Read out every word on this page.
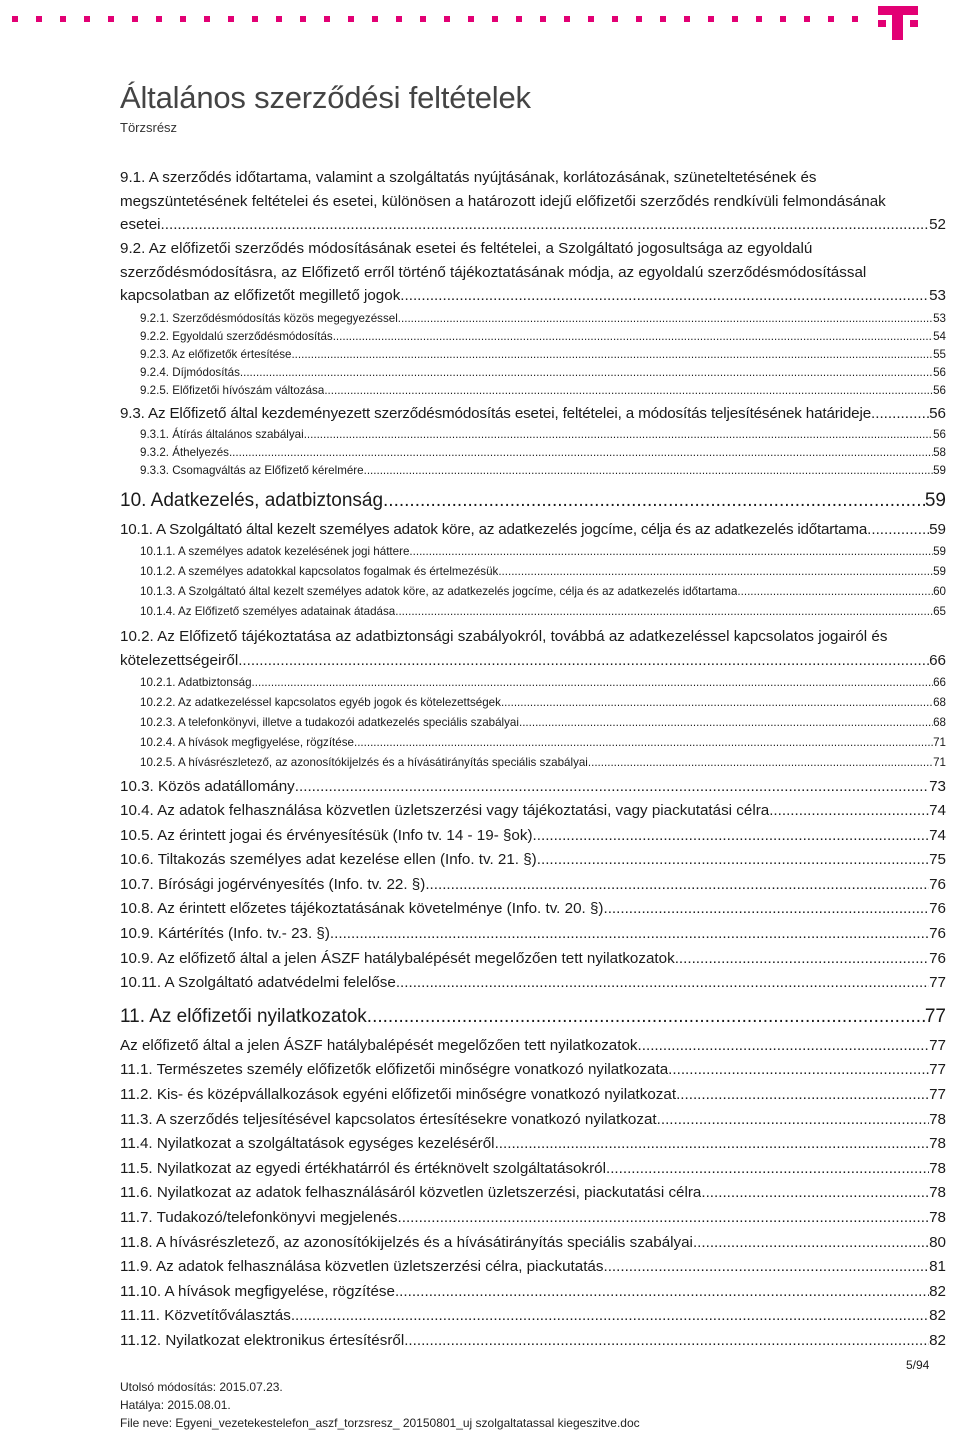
Általános szerződési feltételek
Törzsrész
9.1. A szerződés időtartama, valamint a szolgáltatás nyújtásának, korlátozásának, szüneteltetésének és
megszüntetésének feltételei és esetei, különösen a határozott idejű előfizetői szerződés rendkívüli felmondásának
esetei .....	52
9.2. Az előfizetői szerződés módosításának esetei és feltételei, a Szolgáltató jogosultsága az egyoldalú
szerződésmódosításra, az Előfizető erről történő tájékoztatásának módja, az egyoldalú szerződésmódosítással
kapcsolatban az előfizetőt megillető jogok .....	53
9.2.1. Szerződésmódosítás közös megegyezéssel .....	53
9.2.2. Egyoldalú szerződésmódosítás .....	54
9.2.3. Az előfizetők értesítése .....	55
9.2.4. Díjmódosítás .....	56
9.2.5. Előfizetői hívószám változása .....	56
9.3. Az Előfizető által kezdeményezett szerződésmódosítás esetei, feltételei, a módosítás teljesítésének határideje .....	56
9.3.1. Átírás általános szabályai .....	56
9.3.2. Áthelyezés .....	58
9.3.3. Csomagváltás az Előfizető kérelmére .....	59
10. Adatkezelés, adatbiztonság .....	59
10.1. A Szolgáltató által kezelt személyes adatok köre, az adatkezelés jogcíme, célja és az adatkezelés időtartama .....	59
10.1.1. A személyes adatok kezelésének jogi háttere .....	59
10.1.2. A személyes adatokkal kapcsolatos fogalmak és értelmezésük .....	59
10.1.3. A Szolgáltató által kezelt személyes adatok köre, az adatkezelés jogcíme, célja és az adatkezelés időtartama .....	60
10.1.4. Az Előfizető személyes adatainak átadása .....	65
10.2. Az Előfizető tájékoztatása az adatbiztonsági szabályokról, továbbá az adatkezeléssel kapcsolatos jogairól és
kötelezettségeiről .....	66
10.2.1. Adatbiztonság .....	66
10.2.2. Az adatkezeléssel kapcsolatos egyéb jogok és kötelezettségek .....	68
10.2.3. A telefonkönyvi, illetve a tudakozói adatkezelés speciális szabályai .....	68
10.2.4. A hívások megfigyelése, rögzítése .....	71
10.2.5. A hívásrészletező, az azonosítókijelzés és a hívásátirányítás speciális szabályai .....	71
10.3. Közös adatállomány .....	73
10.4. Az adatok felhasználása közvetlen üzletszerzési vagy tájékoztatási, vagy piackutatási célra .....	74
10.5. Az érintett jogai és érvényesítésük (Info tv. 14 - 19- §ok) .....	74
10.6. Tiltakozás személyes adat kezelése ellen (Info. tv. 21. §) .....	75
10.7. Bírósági jogérvényesítés (Info. tv. 22. §) .....	76
10.8. Az érintett előzetes tájékoztatásának követelménye (Info. tv. 20. §) .....	76
10.9. Kártérítés (Info. tv.- 23. §) .....	76
10.9. Az előfizető által a jelen ÁSZF hatálybalépését megelőzően tett nyilatkozatok .....	76
10.11. A Szolgáltató adatvédelmi felelőse .....	77
11. Az előfizetői nyilatkozatok .....	77
Az előfizető által a jelen ÁSZF hatálybalépését megelőzően tett nyilatkozatok .....	77
11.1. Természetes személy előfizetők előfizetői minőségre vonatkozó nyilatkozata .....	77
11.2. Kis- és középvállalkozások egyéni előfizetői minőségre vonatkozó nyilatkozat .....	77
11.3. A szerződés teljesítésével kapcsolatos értesítésekre vonatkozó nyilatkozat .....	78
11.4. Nyilatkozat a szolgáltatások egységes kezeléséről .....	78
11.5. Nyilatkozat az egyedi értékhatárról és értéknövelt szolgáltatásokról .....	78
11.6. Nyilatkozat az adatok felhasználásáról közvetlen üzletszerzési, piackutatási célra .....	78
11.7. Tudakozó/telefonkönyvi megjelenés .....	78
11.8. A hívásrészletező, az azonosítókijelzés és a hívásátirányítás speciális szabályai .....	80
11.9. Az adatok felhasználása közvetlen üzletszerzési célra, piackutatás .....	81
11.10. A hívások megfigyelése, rögzítése .....	82
11.11. Közvetítőválasztás .....	82
11.12. Nyilatkozat elektronikus értesítésről .....	82
5/94
Utolsó módosítás: 2015.07.23.
Hatálya: 2015.08.01.
File neve: Egyeni_vezetekestelefon_aszf_torzsresz_ 20150801_uj szolgaltatassal kiegeszitve.doc
